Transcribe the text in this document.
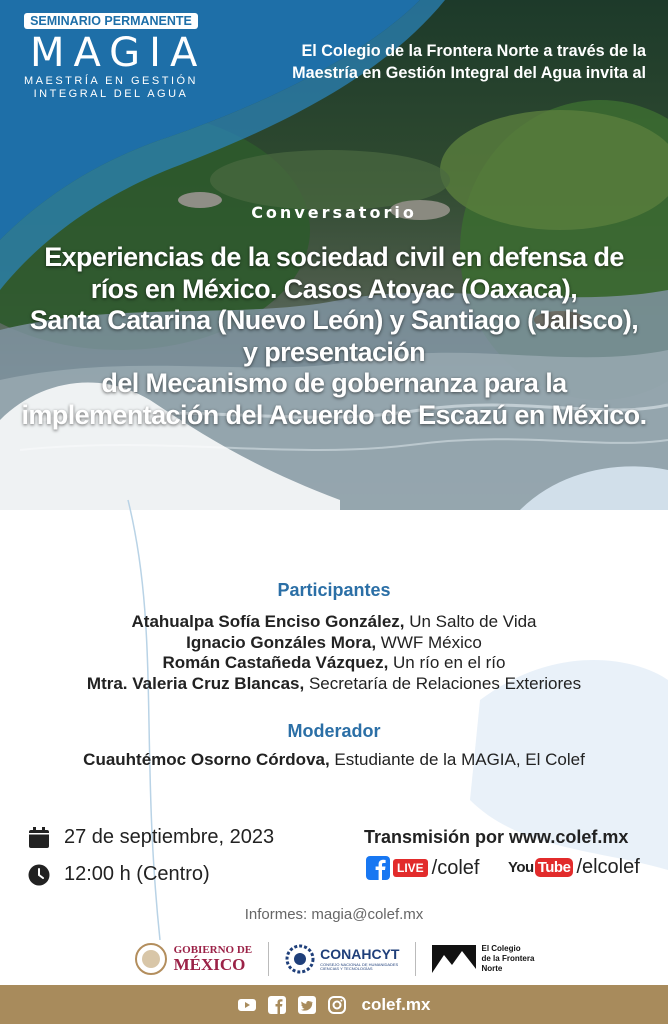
SEMINARIO PERMANENTE
MAGIA
MAESTRÍA EN GESTIÓN
INTEGRAL DEL AGUA
El Colegio de la Frontera Norte a través de la
Maestría en Gestión Integral del Agua invita al
Conversatorio
Experiencias de la sociedad civil en defensa de
ríos en México. Casos Atoyac (Oaxaca),
Santa Catarina (Nuevo León) y Santiago (Jalisco),
y presentación
del Mecanismo de gobernanza para la
implementación del Acuerdo de Escazú en México.
Participantes
Atahualpa Sofía Enciso González, Un Salto de Vida
Ignacio Gonzáles Mora, WWF México
Román Castañeda Vázquez, Un río en el río
Mtra. Valeria Cruz Blancas, Secretaría de Relaciones Exteriores
Moderador
Cuauhtémoc Osorno Córdova, Estudiante de la MAGIA, El Colef
27 de septiembre, 2023
12:00 h (Centro)
Transmisión por www.colef.mx
LIVE /colef You Tube /elcolef
Informes: magia@colef.mx
GOBIERNO DE
MÉXICO
CONAHCYT
CONSEJO NACIONAL DE HUMANIDADES
CIENCIAS Y TECNOLOGÍAS
El Colegio
de la Frontera
Norte
colef.mx
